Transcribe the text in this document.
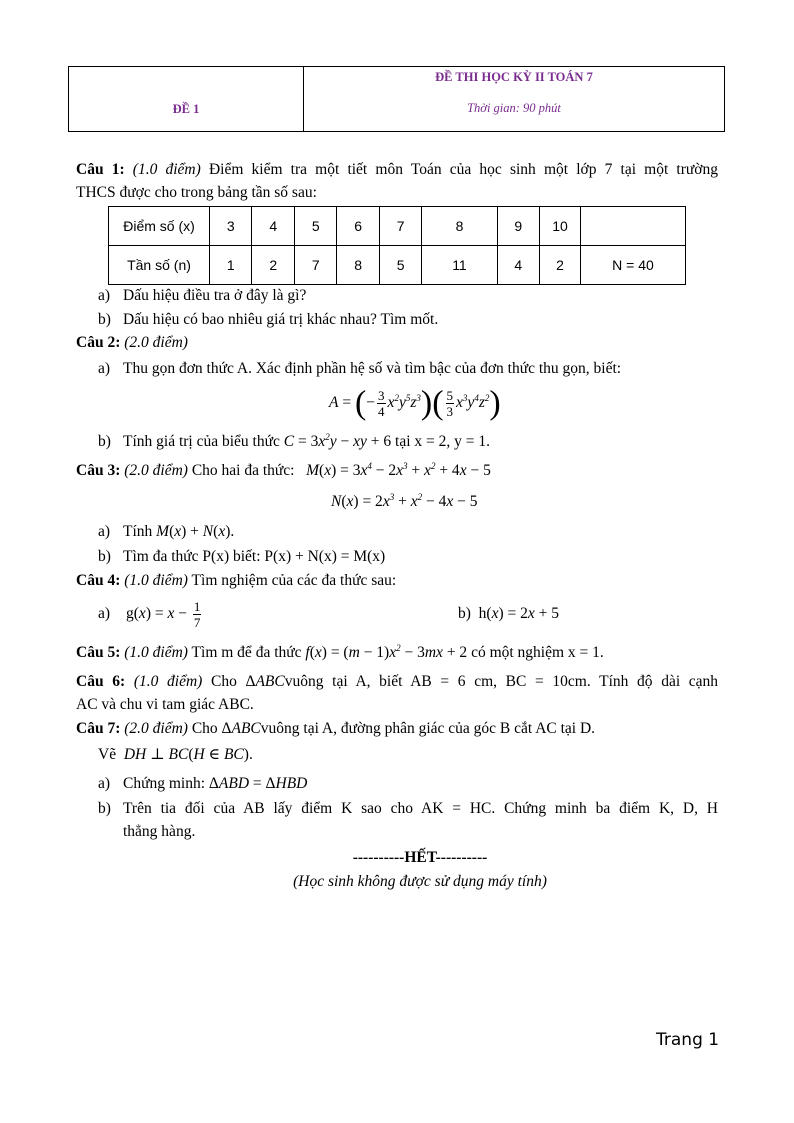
ĐỀ 1

ĐỀ THI HỌC KỲ II TOÁN 7
Thời gian: 90 phút
Câu 1: (1.0 điểm) Điểm kiểm tra một tiết môn Toán của học sinh một lớp 7 tại một trường
THCS được cho trong bảng tần số sau:
Điểm số (x)	3	4	5	6	7	8	9	10	
Tần số (n)	1	2	7	8	5	11	4	2	N = 40
a) Dấu hiệu điều tra ở đây là gì?
b) Dấu hiệu có bao nhiêu giá trị khác nhau? Tìm mốt.
Câu 2: (2.0 điểm)
a) Thu gọn đơn thức A. Xác định phần hệ số và tìm bậc của đơn thức thu gọn, biết:
A = (− $\frac{3}{4} x^2y^5z^3)( \frac{5}{3} x^3y^4z^2)$
b) Tính giá trị của biểu thức $C = 3x^2y$ − xy + 6 tại x = 2, y = 1.
Câu 3: (2.0 điểm) Cho hai đa thức: $M(x) = 3x^4 - 2x^3 + x^2 + 4x - 5$
$N(x) = 2x^3 + x^2 - 4x - 5$
a) Tính M(x) + N(x).
b) Tìm đa thức P(x) biết: P(x) + N(x) = M(x)
Câu 4: (1.0 điểm) Tìm nghiệm của các đa thức sau:
a) $g(x) = x - \frac{1}{7}$	b)  h(x) = 2x + 5
Câu 5: (1.0 điểm) Tìm m để đa thức $f(x) = (m - 1)x^2 - 3mx + 2$ có một nghiệm x = 1.
Câu 6: (1.0 điểm) Cho ΔABCvuông tại A, biết AB = 6 cm, BC = 10cm. Tính độ dài cạnh
AC và chu vi tam giác ABC.
Câu 7: (2.0 điểm) Cho ΔABCvuông tại A, đường phân giác của góc B cắt AC tại D.
Vẽ DH ⊥ BC(H ∈ BC).
a) Chứng minh: ΔABD = ΔHBD
b) Trên tia đối của AB lấy điểm K sao cho AK = HC. Chứng minh ba điểm K, D, H
thẳng hàng.
----------HẾT----------
(Học sinh không được sử dụng máy tính)
Trang 1
